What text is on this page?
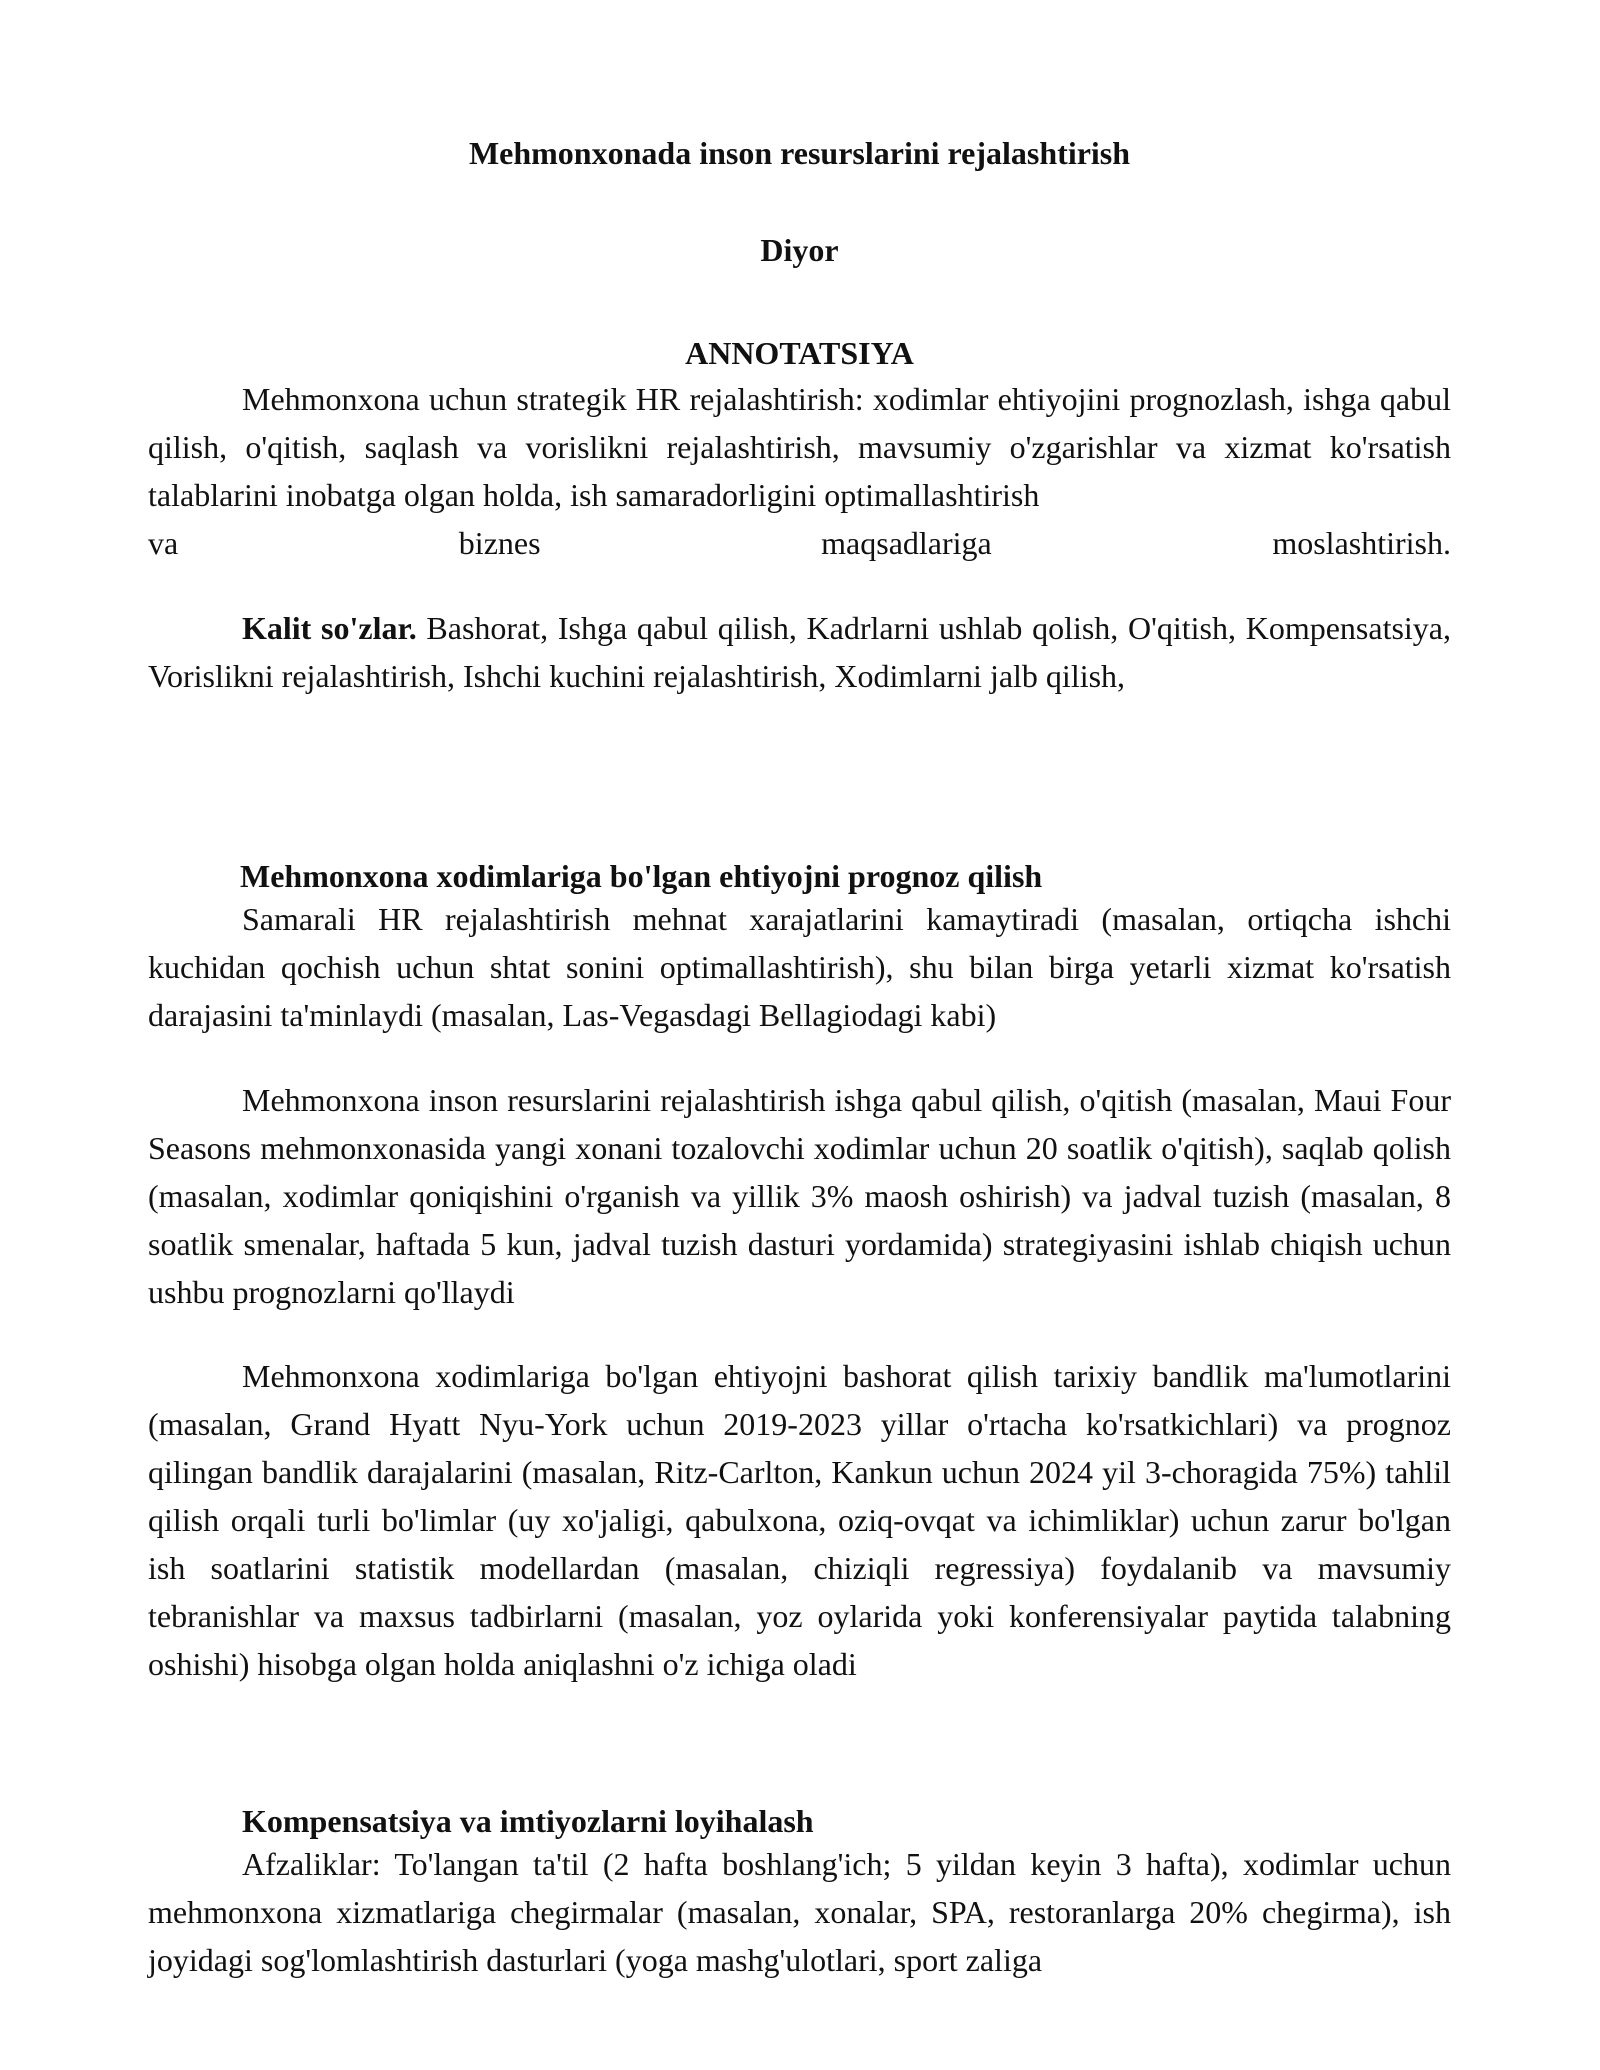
Mehmonxonada inson resurslarini rejalashtirish
Diyor
ANNOTATSIYA
Mehmonxona uchun strategik HR rejalashtirish: xodimlar ehtiyojini prognozlash, ishga qabul qilish, o'qitish, saqlash va vorislikni rejalashtirish, mavsumiy o'zgarishlar va xizmat ko'rsatish talablarini inobatga olgan holda, ish samaradorligini optimallashtirish
va	biznes	maqsadlariga	moslashtirish.
Kalit so'zlar. Bashorat, Ishga qabul qilish, Kadrlarni ushlab qolish, O'qitish, Kompensatsiya, Vorislikni rejalashtirish, Ishchi kuchini rejalashtirish, Xodimlarni jalb qilish,
Mehmonxona xodimlariga bo'lgan ehtiyojni prognoz qilish
Samarali HR rejalashtirish mehnat xarajatlarini kamaytiradi (masalan, ortiqcha ishchi kuchidan qochish uchun shtat sonini optimallashtirish), shu bilan birga yetarli xizmat ko'rsatish darajasini ta'minlaydi (masalan, Las-Vegasdagi Bellagiodagi kabi)
Mehmonxona inson resurslarini rejalashtirish ishga qabul qilish, o'qitish (masalan, Maui Four Seasons mehmonxonasida yangi xonani tozalovchi xodimlar uchun 20 soatlik o'qitish), saqlab qolish (masalan, xodimlar qoniqishini o'rganish va yillik 3% maosh oshirish) va jadval tuzish (masalan, 8 soatlik smenalar, haftada 5 kun, jadval tuzish dasturi yordamida) strategiyasini ishlab chiqish uchun ushbu prognozlarni qo'llaydi
Mehmonxona xodimlariga bo'lgan ehtiyojni bashorat qilish tarixiy bandlik ma'lumotlarini (masalan, Grand Hyatt Nyu-York uchun 2019-2023 yillar o'rtacha ko'rsatkichlari) va prognoz qilingan bandlik darajalarini (masalan, Ritz-Carlton, Kankun uchun 2024 yil 3-choragida 75%) tahlil qilish orqali turli bo'limlar (uy xo'jaligi, qabulxona, oziq-ovqat va ichimliklar) uchun zarur bo'lgan ish soatlarini statistik modellardan (masalan, chiziqli regressiya) foydalanib va mavsumiy tebranishlar va maxsus tadbirlarni (masalan, yoz oylarida yoki konferensiyalar paytida talabning oshishi) hisobga olgan holda aniqlashni o'z ichiga oladi
Kompensatsiya va imtiyozlarni loyihalash
Afzaliklar: To'langan ta'til (2 hafta boshlang'ich; 5 yildan keyin 3 hafta), xodimlar uchun mehmonxona xizmatlariga chegirmalar (masalan, xonalar, SPA, restoranlarga 20% chegirma), ish joyidagi sog'lomlashtirish dasturlari (yoga mashg'ulotlari, sport zaliga
